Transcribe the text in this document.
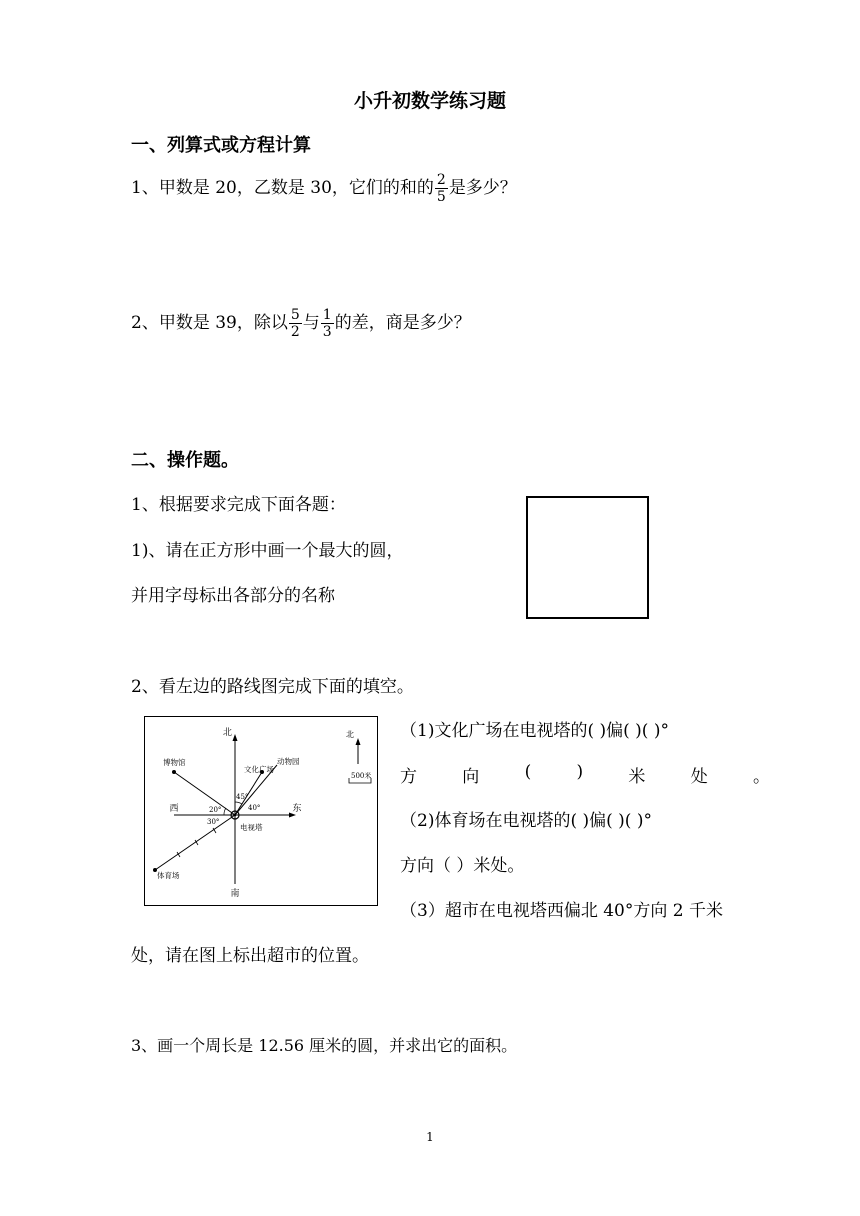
小升初数学练习题
一、列算式或方程计算
1、甲数是 20，乙数是 30，它们的和的 $\frac{2}{5}$ 是多少？
2、甲数是 39，除以 $\frac{5}{2}$ 与 $\frac{1}{3}$ 的差，商是多少？
二、操作题。
1、根据要求完成下面各题：
1)、请在正方形中画一个最大的圆，
并用字母标出各部分的名称
2、看左边的路线图完成下面的填空。
北
南
西	东
博物馆
文化广场
动物园
体育场
电视塔
45°
40°
20°
30°
北
500米
（1)文化广场在电视塔的( )偏( )( )°
方	向	(	)	米	处	。
（2)体育场在电视塔的( )偏( )( )°
方向（ ）米处。
（3）超市在电视塔西偏北 40°方向 2 千米
处，请在图上标出超市的位置。
3、画一个周长是 12.56 厘米的圆，并求出它的面积。
1
